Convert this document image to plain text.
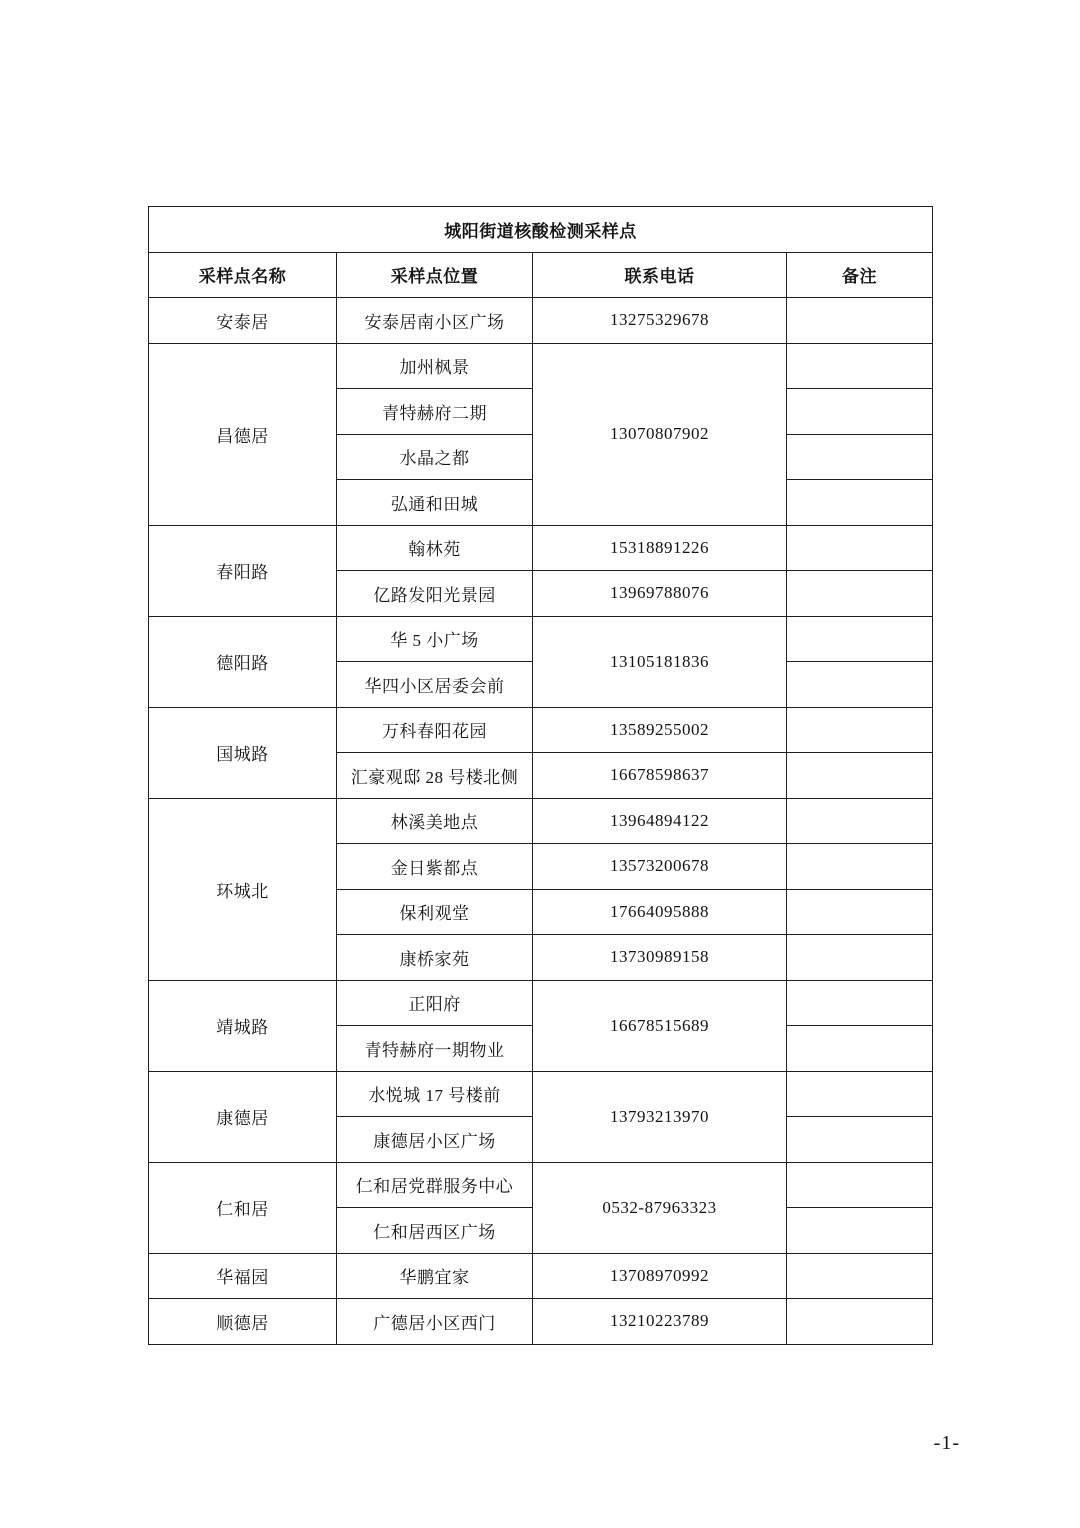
城阳街道核酸检测采样点			
采样点名称	采样点位置	联系电话	备注
安泰居	安泰居南小区广场	13275329678	
昌德居	加州枫景	13070807902	
	青特赫府二期		
	水晶之都		
	弘通和田城		
春阳路	翰林苑	15318891226	
	亿路发阳光景园	13969788076	
德阳路	华 5 小广场	13105181836	
	华四小区居委会前		
国城路	万科春阳花园	13589255002	
	汇豪观邸 28 号楼北侧	16678598637	
环城北	林溪美地点	13964894122	
	金日紫都点	13573200678	
	保利观堂	17664095888	
	康桥家苑	13730989158	
靖城路	正阳府	16678515689	
	青特赫府一期物业		
康德居	水悦城 17 号楼前	13793213970	
	康德居小区广场		
仁和居	仁和居党群服务中心	0532-87963323	
	仁和居西区广场		
华福园	华鹏宜家	13708970992	
顺德居	广德居小区西门	13210223789	
-1-
